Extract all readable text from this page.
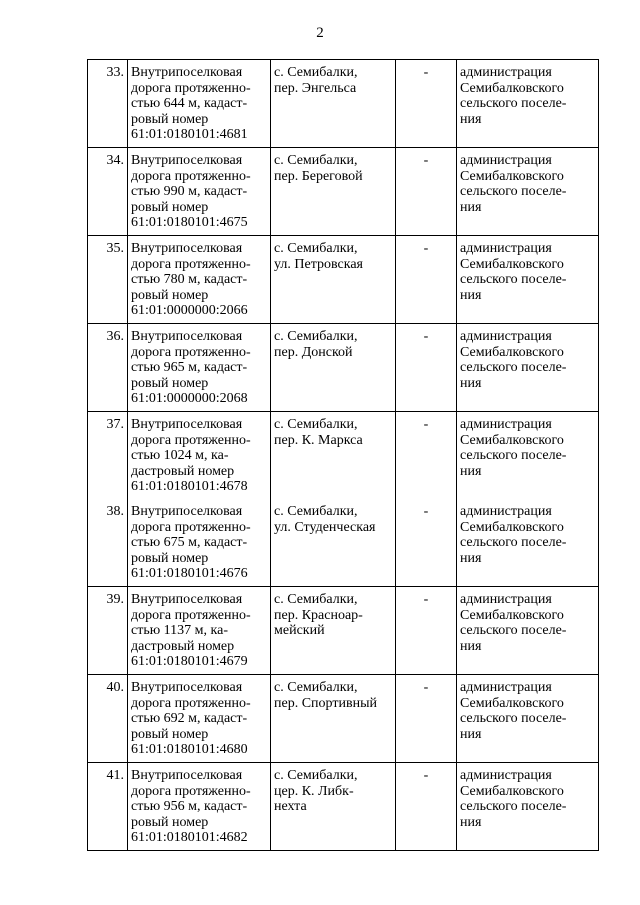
2
33.	Внутрипоселковая
дорога протяженно-
стью 644 м, кадаст-
ровый номер
61:01:0180101:4681	с. Семибалки,
пер. Энгельса	-	администрация
Семибалковского
сельского поселе-
ния

34.	Внутрипоселковая
дорога протяженно-
стью 990 м, кадаст-
ровый номер
61:01:0180101:4675	с. Семибалки,
пер. Береговой	-	администрация
Семибалковского
сельского поселе-
ния

35.	Внутрипоселковая
дорога протяженно-
стью 780 м, кадаст-
ровый номер
61:01:0000000:2066	с. Семибалки,
ул. Петровская	-	администрация
Семибалковского
сельского поселе-
ния

36.	Внутрипоселковая
дорога протяженно-
стью 965 м, кадаст-
ровый номер
61:01:0000000:2068	с. Семибалки,
пер. Донской	-	администрация
Семибалковского
сельского поселе-
ния

37.	Внутрипоселковая
дорога протяженно-
стью 1024 м, ка-
дастровый номер
61:01:0180101:4678	с. Семибалки,
пер. К. Маркса	-	администрация
Семибалковского
сельского поселе-
ния

38.	Внутрипоселковая
дорога протяженно-
стью 675 м, кадаст-
ровый номер
61:01:0180101:4676	с. Семибалки,
ул. Студенческая	-	администрация
Семибалковского
сельского поселе-
ния

39.	Внутрипоселковая
дорога протяженно-
стью 1137 м, ка-
дастровый номер
61:01:0180101:4679	с. Семибалки,
пер. Красноар-
мейский	-	администрация
Семибалковского
сельского поселе-
ния

40.	Внутрипоселковая
дорога протяженно-
стью 692 м, кадаст-
ровый номер
61:01:0180101:4680	с. Семибалки,
пер. Спортивный	-	администрация
Семибалковского
сельского поселе-
ния

41.	Внутрипоселковая
дорога протяженно-
стью 956 м, кадаст-
ровый номер
61:01:0180101:4682	с. Семибалки,
цер. К. Либк-
нехта	-	администрация
Семибалковского
сельского поселе-
ния
